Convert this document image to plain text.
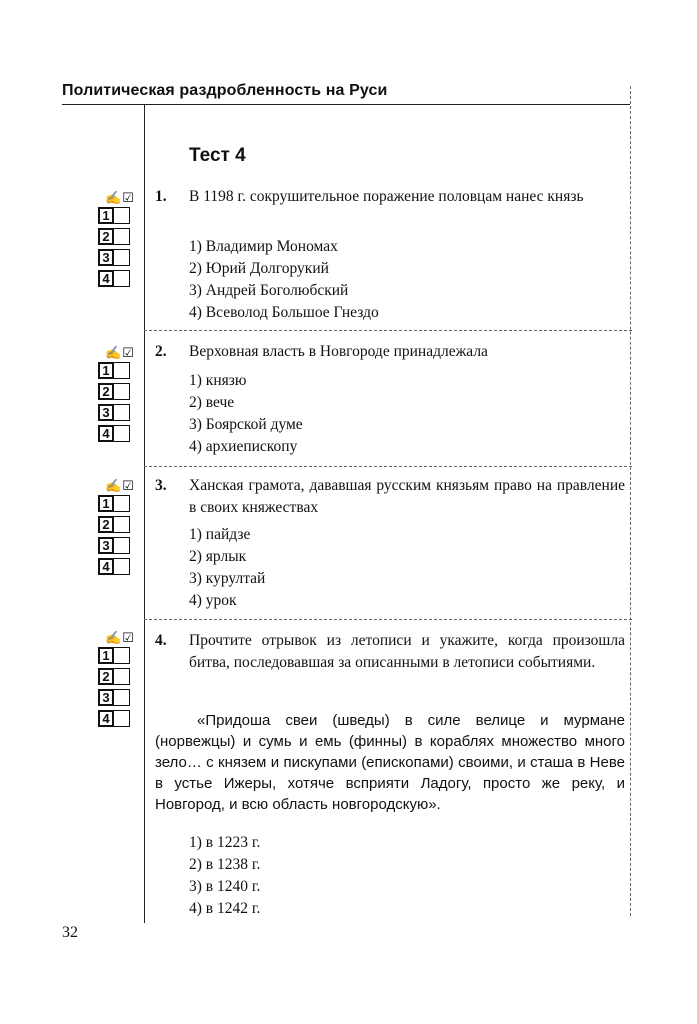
Политическая раздробленность на Руси
Тест 4
✍☑
1
2
3
4
1. В 1198 г. сокрушительное поражение половцам нанес князь
1) Владимир Мономах
2) Юрий Долгорукий
3) Андрей Боголюбский
4) Всеволод Большое Гнездо
✍☑
1
2
3
4
2. Верховная власть в Новгороде принадлежала
1) князю
2) вече
3) Боярской думе
4) архиепископу
✍☑
1
2
3
4
3. Ханская грамота, дававшая русским князьям право на правление в своих княжествах
1) пайдзе
2) ярлык
3) курултай
4) урок
✍☑
1
2
3
4
4. Прочтите отрывок из летописи и укажите, когда произошла битва, последовавшая за описанными в летописи событиями.
«Придоша свеи (шведы) в силе велице и мурмане (норвежцы) и сумь и емь (финны) в кораблях множество много зело… с князем и пискупами (епископами) своими, и сташа в Неве в устье Ижеры, хотяче всприяти Ладогу, просто же реку, и Новгород, и всю область новгородскую».
1) в 1223 г.
2) в 1238 г.
3) в 1240 г.
4) в 1242 г.
32
